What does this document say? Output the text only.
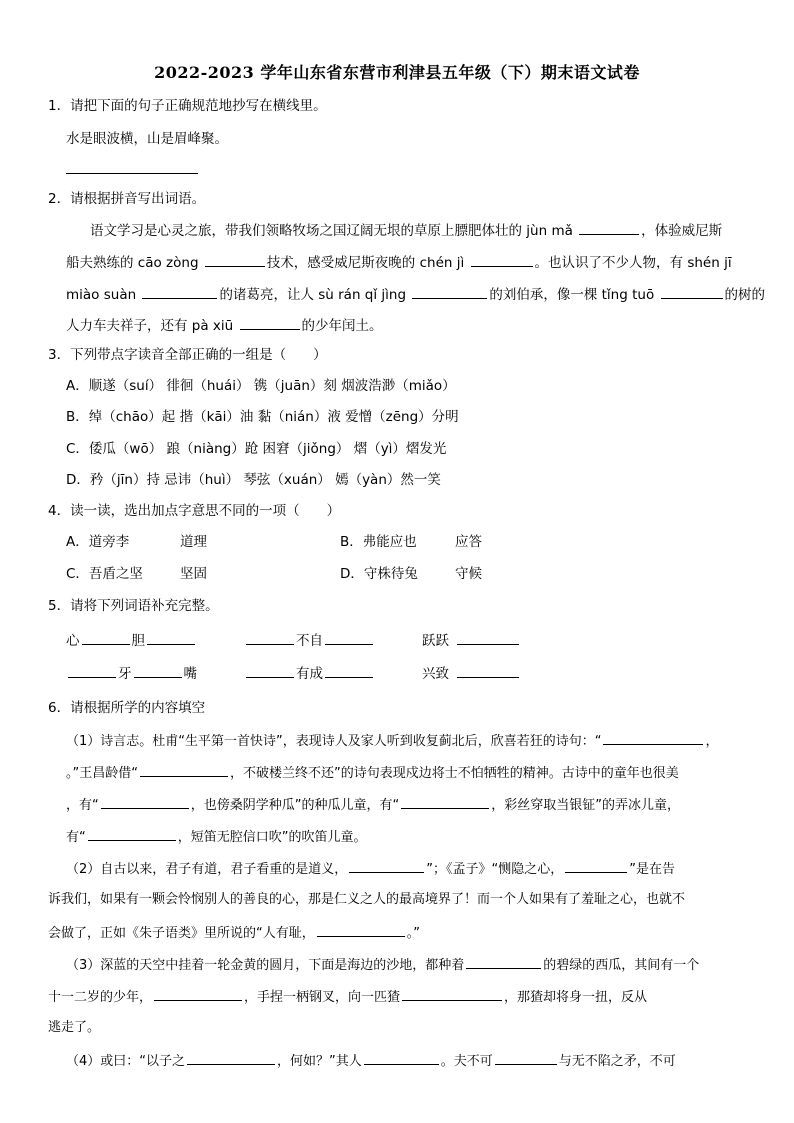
2022-2023 学年山东省东营市利津县五年级（下）期末语文试卷
1．请把下面的句子正确规范地抄写在横线里。
水是眼波横，山是眉峰聚。
2．请根据拼音写出词语。
语文学习是心灵之旅，带我们领略牧场之国辽阔无垠的草原上膘肥体壮的 jùn mǎ	，体验威尼斯
船夫熟练的 cāo zòng	技术，感受威尼斯夜晚的 chén jì	。也认识了不少人物，有 shén jī
miào suàn	的诸葛亮，让人 sù rán qǐ jìng	的刘伯承，像一棵 tǐng tuō	的树的
人力车夫祥子，还有 pà xiū	的少年闰土。
3．下列带点字读音全部正确的一组是（　　）
A．顺遂（suí） 徘徊（huái） 镌（juān）刻 烟波浩渺（miǎo）
B．绰（chāo）起 揩（kāi）油 黏（nián）液 爱憎（zēng）分明
C．倭瓜（wō） 踉（niàng）跄 困窘（jiǒng） 熠（yì）熠发光
D．矜（jīn）持 忌讳（huì） 琴弦（xuán） 嫣（yàn）然一笑
4．读一读，选出加点字意思不同的一项（　　）
A．道旁李	道理	B．弗能应也	应答
C．吾盾之坚	坚固	D．守株待兔	守候
5．请将下列词语补充完整。
心	胆	不自	跃跃
牙	嘴	有成	兴致
6．请根据所学的内容填空
（1）诗言志。杜甫“生平第一首快诗”，表现诗人及家人听到收复蓟北后，欣喜若狂的诗句：“	，
。”王昌龄借“	，不破楼兰终不还”的诗句表现戍边将士不怕牺牲的精神。古诗中的童年也很美
，有“	，也傍桑阴学种瓜”的种瓜儿童，有“	，彩丝穿取当银钲”的弄冰儿童，
有“	，短笛无腔信口吹”的吹笛儿童。
（2）自古以来，君子有道，君子看重的是道义，	”；《孟子》“恻隐之心，	”是在告
诉我们，如果有一颗会怜悯别人的善良的心，那是仁义之人的最高境界了！而一个人如果有了羞耻之心，也就不
会做了，正如《朱子语类》里所说的“人有耻，	。”
（3）深蓝的天空中挂着一轮金黄的圆月，下面是海边的沙地，都种着	的碧绿的西瓜，其间有一个
十一二岁的少年，	，手捏一柄钢叉，向一匹猹	，那猹却将身一扭，反从
逃走了。
（4）或曰：“以子之	，何如？”其人	。夫不可	与无不陷之矛，不可
